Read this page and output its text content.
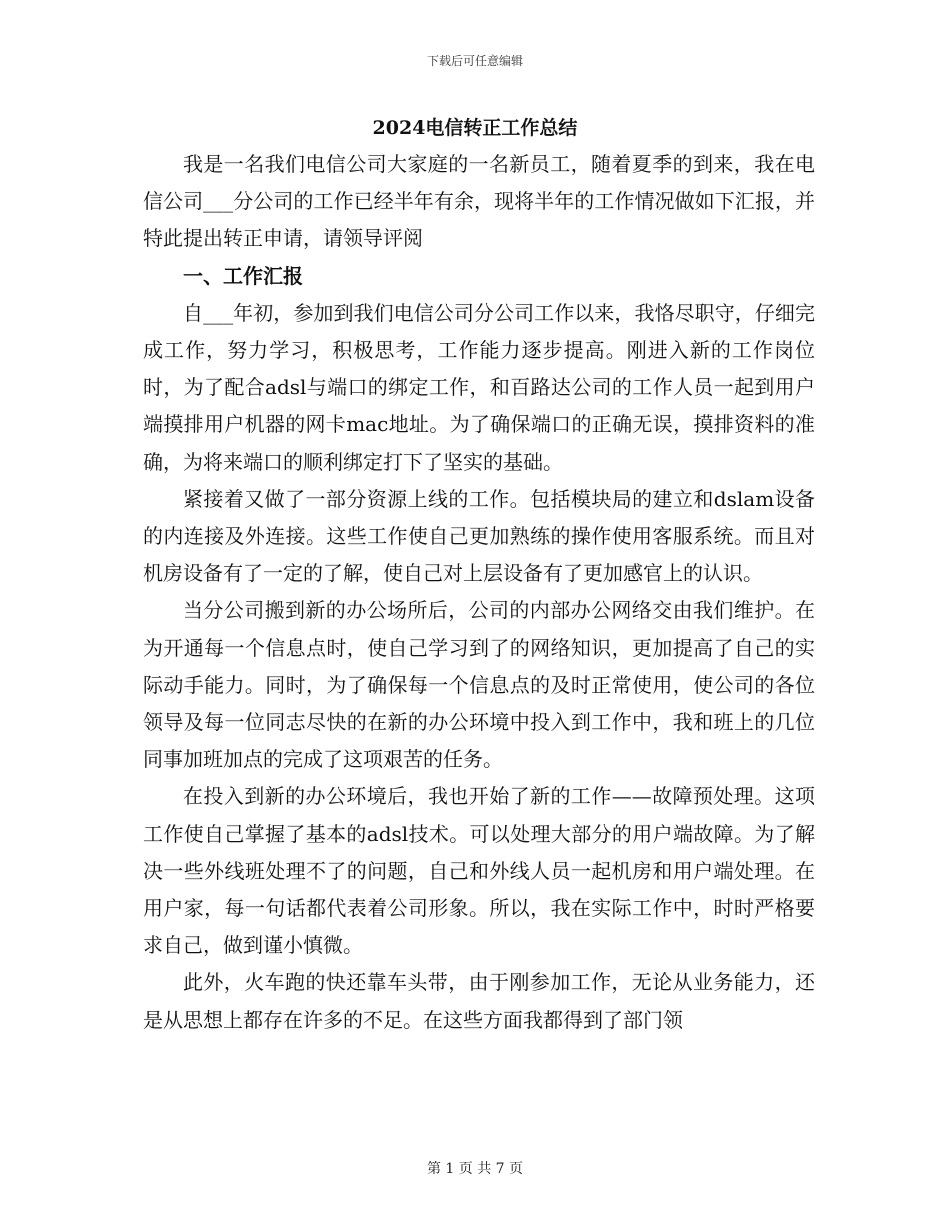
下载后可任意编辑
2024电信转正工作总结

我是一名我们电信公司大家庭的一名新员工，随着夏季的到来，我在电信公司___分公司的工作已经半年有余，现将半年的工作情况做如下汇报，并特此提出转正申请，请领导评阅

一、工作汇报

自___年初，参加到我们电信公司分公司工作以来，我恪尽职守，仔细完成工作，努力学习，积极思考，工作能力逐步提高。刚进入新的工作岗位时，为了配合adsl与端口的绑定工作，和百路达公司的工作人员一起到用户端摸排用户机器的网卡mac地址。为了确保端口的正确无误，摸排资料的准确，为将来端口的顺利绑定打下了坚实的基础。

紧接着又做了一部分资源上线的工作。包括模块局的建立和dslam设备的内连接及外连接。这些工作使自己更加熟练的操作使用客服系统。而且对机房设备有了一定的了解，使自己对上层设备有了更加感官上的认识。

当分公司搬到新的办公场所后，公司的内部办公网络交由我们维护。在为开通每一个信息点时，使自己学习到了的网络知识，更加提高了自己的实际动手能力。同时，为了确保每一个信息点的及时正常使用，使公司的各位领导及每一位同志尽快的在新的办公环境中投入到工作中，我和班上的几位同事加班加点的完成了这项艰苦的任务。

在投入到新的办公环境后，我也开始了新的工作——故障预处理。这项工作使自己掌握了基本的adsl技术。可以处理大部分的用户端故障。为了解决一些外线班处理不了的问题，自己和外线人员一起机房和用户端处理。在用户家，每一句话都代表着公司形象。所以，我在实际工作中，时时严格要求自己，做到谨小慎微。

此外，火车跑的快还靠车头带，由于刚参加工作，无论从业务能力，还是从思想上都存在许多的不足。在这些方面我都得到了部门领

第 1 页 共 7 页
